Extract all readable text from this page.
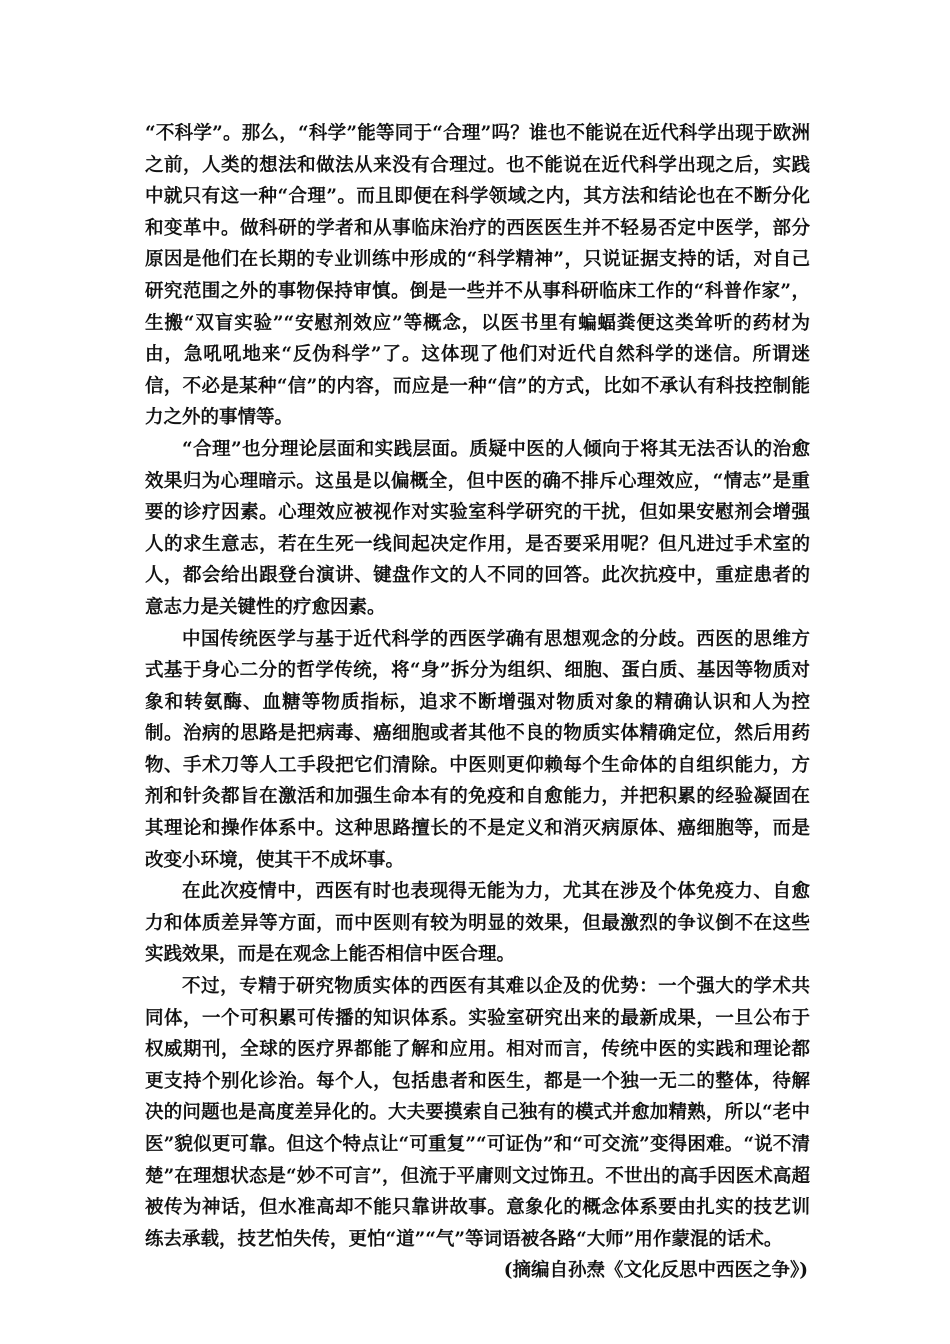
“不科学”。那么，“科学”能等同于“合理”吗？谁也不能说在近代科学出现于欧洲之前，人类的想法和做法从来没有合理过。也不能说在近代科学出现之后，实践中就只有这一种“合理”。而且即便在科学领域之内，其方法和结论也在不断分化和变革中。做科研的学者和从事临床治疗的西医医生并不轻易否定中医学，部分原因是他们在长期的专业训练中形成的“科学精神”，只说证据支持的话，对自己研究范围之外的事物保持审慎。倒是一些并不从事科研临床工作的“科普作家”，生搬“双盲实验”“安慰剂效应”等概念，以医书里有蝙蝠粪便这类耸听的药材为由，急吼吼地来“反伪科学”了。这体现了他们对近代自然科学的迷信。所谓迷信，不必是某种“信”的内容，而应是一种“信”的方式，比如不承认有科技控制能力之外的事情等。

“合理”也分理论层面和实践层面。质疑中医的人倾向于将其无法否认的治愈效果归为心理暗示。这虽是以偏概全，但中医的确不排斥心理效应，“情志”是重要的诊疗因素。心理效应被视作对实验室科学研究的干扰，但如果安慰剂会增强人的求生意志，若在生死一线间起决定作用，是否要采用呢？但凡进过手术室的人，都会给出跟登台演讲、键盘作文的人不同的回答。此次抗疫中，重症患者的意志力是关键性的疗愈因素。

中国传统医学与基于近代科学的西医学确有思想观念的分歧。西医的思维方式基于身心二分的哲学传统，将“身”拆分为组织、细胞、蛋白质、基因等物质对象和转氨酶、血糖等物质指标，追求不断增强对物质对象的精确认识和人为控制。治病的思路是把病毒、癌细胞或者其他不良的物质实体精确定位，然后用药物、手术刀等人工手段把它们清除。中医则更仰赖每个生命体的自组织能力，方剂和针灸都旨在激活和加强生命本有的免疫和自愈能力，并把积累的经验凝固在其理论和操作体系中。这种思路擅长的不是定义和消灭病原体、癌细胞等，而是改变小环境，使其干不成坏事。

在此次疫情中，西医有时也表现得无能为力，尤其在涉及个体免疫力、自愈力和体质差异等方面，而中医则有较为明显的效果，但最激烈的争议倒不在这些实践效果，而是在观念上能否相信中医合理。

不过，专精于研究物质实体的西医有其难以企及的优势：一个强大的学术共同体，一个可积累可传播的知识体系。实验室研究出来的最新成果，一旦公布于权威期刊，全球的医疗界都能了解和应用。相对而言，传统中医的实践和理论都更支持个别化诊治。每个人，包括患者和医生，都是一个独一无二的整体，待解决的问题也是高度差异化的。大夫要摸索自己独有的模式并愈加精熟，所以“老中医”貌似更可靠。但这个特点让“可重复”“可证伪”和“可交流”变得困难。“说不清楚”在理想状态是“妙不可言”，但流于平庸则文过饰丑。不世出的高手因医术高超被传为神话，但水准高却不能只靠讲故事。意象化的概念体系要由扎实的技艺训练去承载，技艺怕失传，更怕“道”“气”等词语被各路“大师”用作蒙混的话术。

(摘编自孙焘《文化反思中西医之争》)
